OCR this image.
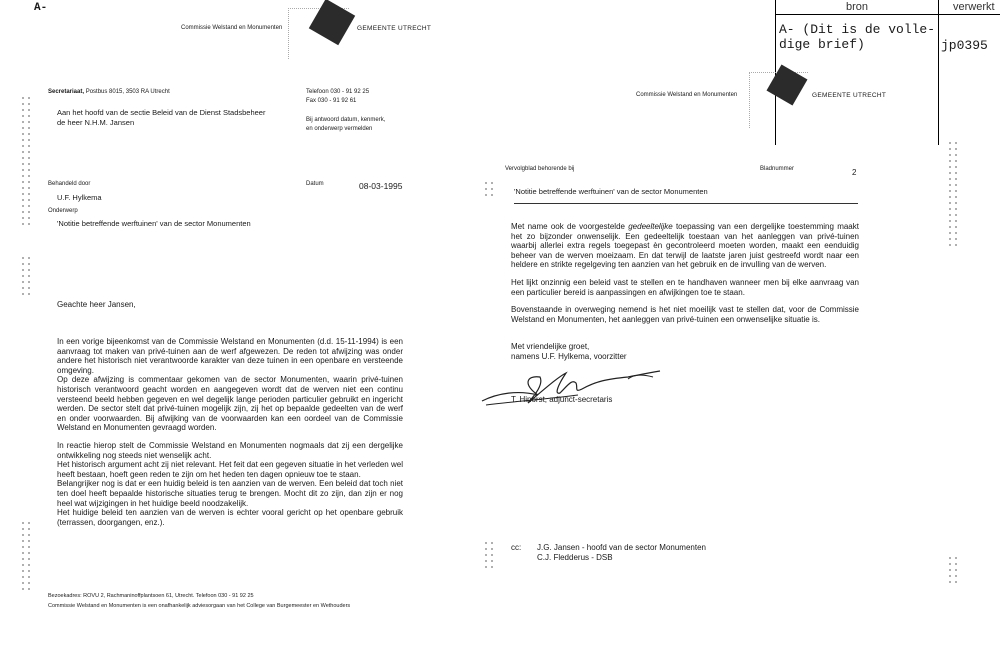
A-	bron	verwerkt
A- (Dit is de volle-
dige brief)	jp0395
Commissie Welstand en Monumenten	GEMEENTE UTRECHT
Secretariaat, Postbus 8015, 3503 RA Utrecht	Telefoon 030 - 91 92 25
Fax 030 - 91 92 61
Bij antwoord datum, kenmerk,
en onderwerp vermelden
Aan het hoofd van de sectie Beleid van de Dienst Stadsbeheer
de heer N.H.M. Jansen
Behandeld door
U.F. Hylkema
Datum	08-03-1995
Onderwerp
'Notitie betreffende werftuinen' van de sector Monumenten
Geachte heer Jansen,
In een vorige bijeenkomst van de Commissie Welstand en Monumenten (d.d. 15-11-1994) is een aanvraag tot maken van privé-tuinen aan de werf afgewezen. De reden tot afwijzing was onder andere het historisch niet verantwoorde karakter van deze tuinen in een openbare en versteende omgeving.
Op deze afwijzing is commentaar gekomen van de sector Monumenten, waarin privé-tuinen historisch verantwoord geacht worden en aangegeven wordt dat de werven niet een continu versteend beeld hebben gegeven en wel degelijk lange perioden particulier gebruikt en ingericht werden. De sector stelt dat privé-tuinen mogelijk zijn, zij het op bepaalde gedeelten van de werf en onder voorwaarden. Bij afwijking van de voorwaarden kan een oordeel van de Commissie Welstand en Monumenten gevraagd worden.
In reactie hierop stelt de Commissie Welstand en Monumenten nogmaals dat zij een dergelijke ontwikkeling nog steeds niet wenselijk acht.
Het historisch argument acht zij niet relevant. Het feit dat een gegeven situatie in het verleden wel heeft bestaan, hoeft geen reden te zijn om het heden ten dagen opnieuw toe te staan.
Belangrijker nog is dat er een huidig beleid is ten aanzien van de werven. Een beleid dat toch niet ten doel heeft bepaalde historische situaties terug te brengen. Mocht dit zo zijn, dan zijn er nog heel wat wijzigingen in het huidige beeld noodzakelijk.
Het huidige beleid ten aanzien van de werven is echter vooral gericht op het openbare gebruik (terrassen, doorgangen, enz.).
Bezoekadres: ROVU 2, Rachmaninoffplantsoen 61, Utrecht. Telefoon 030 - 91 92 25
Commissie Welstand en Monumenten is een onafhankelijk adviesorgaan van het College van Burgemeester en Wethouders
Commissie Welstand en Monumenten	GEMEENTE UTRECHT
Vervolgblad behorende bij	Bladnummer	2
'Notitie betreffende werftuinen' van de sector Monumenten
Met name ook de voorgestelde gedeeltelijke toepassing van een dergelijke toestemming maakt het zo bijzonder onwenselijk. Een gedeeltelijk toestaan van het aanleggen van privé-tuinen waarbij allerlei extra regels toegepast èn gecontroleerd moeten worden, maakt een eenduidig beheer van de werven moeizaam. En dat terwijl de laatste jaren juist gestreefd wordt naar een heldere en strikte regelgeving ten aanzien van het gebruik en de invulling van de werven.
Het lijkt onzinnig een beleid vast te stellen en te handhaven wanneer men bij elke aanvraag van een particulier bereid is aanpassingen en afwijkingen toe te staan.
Bovenstaande in overweging nemend is het niet moeilijk vast te stellen dat, voor de Commissie Welstand en Monumenten, het aanleggen van privé-tuinen een onwenselijke situatie is.
Met vriendelijke groet,
namens U.F. Hylkema, voorzitter
T. Hinorst, adjunct-secretaris
cc: J.G. Jansen - hoofd van de sector Monumenten
C.J. Fledderus - DSB
